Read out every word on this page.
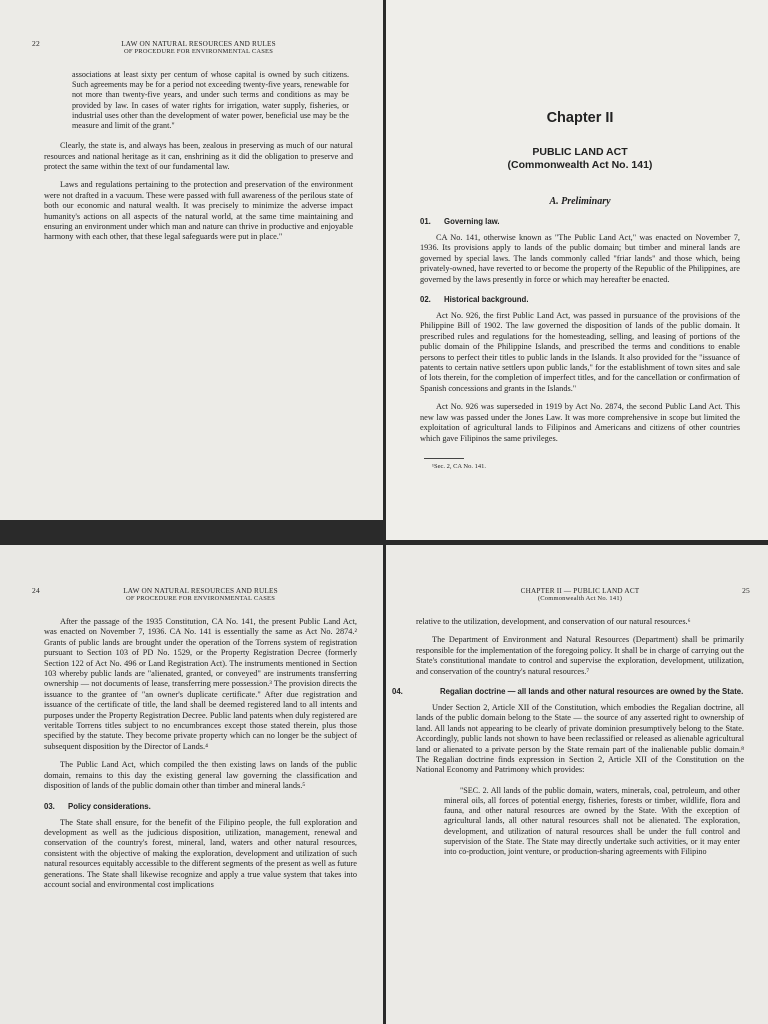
22	LAW ON NATURAL RESOURCES AND RULES
OF PROCEDURE FOR ENVIRONMENTAL CASES

associations at least sixty per centum of whose capital is owned by such citizens. Such agreements may be for a period not exceeding twenty-five years, renewable for not more than twenty-five years, and under such terms and conditions as may be provided by law. In cases of water rights for irrigation, water supply, fisheries, or industrial uses other than the development of water power, beneficial use may be the measure and limit of the grant."

Clearly, the state is, and always has been, zealous in preserving as much of our natural resources and national heritage as it can, enshrining as it did the obligation to preserve and protect the same within the text of our fundamental law.

Laws and regulations pertaining to the protection and preservation of the environment were not drafted in a vacuum. These were passed with full awareness of the perilous state of both our economic and natural wealth. It was precisely to minimize the adverse impact humanity's actions on all aspects of the natural world, at the same time maintaining and ensuring an environment under which man and nature can thrive in productive and enjoyable harmony with each other, that these legal safeguards were put in place."

Chapter II
PUBLIC LAND ACT
(Commonwealth Act No. 141)
A. Preliminary
01. Governing law.

CA No. 141, otherwise known as "The Public Land Act," was enacted on November 7, 1936. Its provisions apply to lands of the public domain; but timber and mineral lands are governed by special laws. The lands commonly called "friar lands" and those which, being privately-owned, have reverted to or become the property of the Republic of the Philippines, are governed by the laws presently in force or which may hereafter be enacted.

02. Historical background.

Act No. 926, the first Public Land Act, was passed in pursuance of the provisions of the Philippine Bill of 1902. The law governed the disposition of lands of the public domain. It prescribed rules and regulations for the homesteading, selling, and leasing of portions of the public domain of the Philippine Islands, and prescribed the terms and conditions to enable persons to perfect their titles to public lands in the Islands. It also provided for the "issuance of patents to certain native settlers upon public lands," for the establishment of town sites and sale of lots therein, for the completion of imperfect titles, and for the cancellation or confirmation of Spanish concessions and grants in the Islands."

Act No. 926 was superseded in 1919 by Act No. 2874, the second Public Land Act. This new law was passed under the Jones Law. It was more comprehensive in scope but limited the exploitation of agricultural lands to Filipinos and Americans and citizens of other countries which gave Filipinos the same privileges.

¹Sec. 2, CA No. 141.
24	LAW ON NATURAL RESOURCES AND RULES
OF PROCEDURE FOR ENVIRONMENTAL CASES

After the passage of the 1935 Constitution, CA No. 141, the present Public Land Act, was enacted on November 7, 1936. CA No. 141 is essentially the same as Act No. 2874.² Grants of public lands are brought under the operation of the Torrens system of registration pursuant to Section 103 of PD No. 1529, or the Property Registration Decree (formerly Section 122 of Act No. 496 or Land Registration Act). The instruments mentioned in Section 103 whereby public lands are "alienated, granted, or conveyed" are instruments transferring ownership — not documents of lease, transferring mere possession.³ The provision directs the issuance to the grantee of "an owner's duplicate certificate." After due registration and issuance of the certificate of title, the land shall be deemed registered land to all intents and purposes under the Property Registration Decree. Public land patents when duly registered are veritable Torrens titles subject to no encumbrances except those stated therein, plus those specified by the statute. They become private property which can no longer be the subject of subsequent disposition by the Director of Lands.⁴

The Public Land Act, which compiled the then existing laws on lands of the public domain, remains to this day the existing general law governing the classification and disposition of lands of the public domain other than timber and mineral lands.⁵

03. Policy considerations.

The State shall ensure, for the benefit of the Filipino people, the full exploration and development as well as the judicious disposition, utilization, management, renewal and conservation of the country's forest, mineral, land, waters and other natural resources, consistent with the objective of making the exploration, development and utilization of such natural resources equitably accessible to the different segments of the present as well as future generations. The State shall likewise recognize and apply a true value system that takes into account social and environmental cost implications

25
CHAPTER II — PUBLIC LAND ACT
(Commonwealth Act No. 141)

relative to the utilization, development, and conservation of our natural resources.⁶

The Department of Environment and Natural Resources (Department) shall be primarily responsible for the implementation of the foregoing policy. It shall be in charge of carrying out the State's constitutional mandate to control and supervise the exploration, development, utilization, and conservation of the country's natural resources.⁷

04.	Regalian doctrine — all lands and other natural resources are owned by the State.

Under Section 2, Article XII of the Constitution, which embodies the Regalian doctrine, all lands of the public domain belong to the State — the source of any asserted right to ownership of land. All lands not appearing to be clearly of private dominion presumptively belong to the State. Accordingly, public lands not shown to have been reclassified or released as alienable agricultural land or alienated to a private person by the State remain part of the inalienable public domain.⁸ The Regalian doctrine finds expression in Section 2, Article XII of the Constitution on the National Economy and Patrimony which provides:

"SEC. 2. All lands of the public domain, waters, minerals, coal, petroleum, and other mineral oils, all forces of potential energy, fisheries, forests or timber, wildlife, flora and fauna, and other natural resources are owned by the State. With the exception of agricultural lands, all other natural resources shall not be alienated. The exploration, development, and utilization of natural resources shall be under the full control and supervision of the State. The State may directly undertake such activities, or it may enter into co-production, joint venture, or production-sharing agreements with Filipino
